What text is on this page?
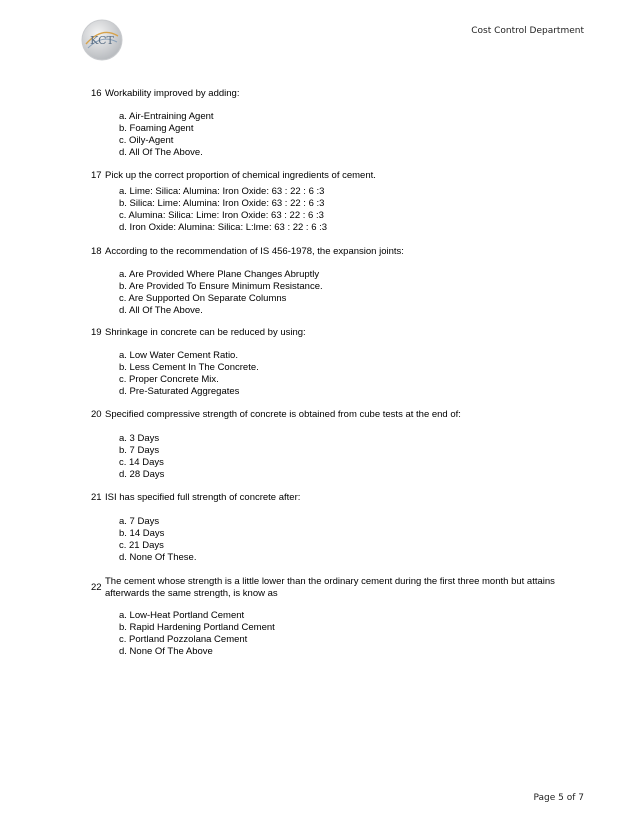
KCT
Cost Control Department
16 Workability improved by adding:
a. Air-Entraining Agent
b. Foaming Agent
c. Oily-Agent
d. All Of The Above.
17 Pick up the correct proportion of chemical ingredients of cement.
a. Lime: Silica: Alumina: Iron Oxide: 63 : 22 : 6 :3
b. Silica: Lime: Alumina: Iron Oxide: 63 : 22 : 6 :3
c. Alumina: Silica: Lime: Iron Oxide: 63 : 22 : 6 :3
d. Iron Oxide: Alumina: Silica: L:lme: 63 : 22 : 6 :3
18 According to the recommendation of IS 456-1978, the expansion joints:
a. Are Provided Where Plane Changes Abruptly
b. Are Provided To Ensure Minimum Resistance.
c. Are Supported On Separate Columns
d. All Of The Above.
19 Shrinkage in concrete can be reduced by using:
a. Low Water Cement Ratio.
b. Less Cement In The Concrete.
c. Proper Concrete Mix.
d. Pre-Saturated Aggregates
20 Specified compressive strength of concrete is obtained from cube tests at the end of:
a. 3 Days
b. 7 Days
c. 14 Days
d. 28 Days
21 ISI has specified full strength of concrete after:
a. 7 Days
b. 14 Days
c. 21 Days
d. None Of These.
22
The cement whose strength is a little lower than the ordinary cement during the first three month but attains afterwards the same strength, is know as
a. Low-Heat Portland Cement
b. Rapid Hardening Portland Cement
c. Portland Pozzolana Cement
d. None Of The Above
Page 5 of 7
